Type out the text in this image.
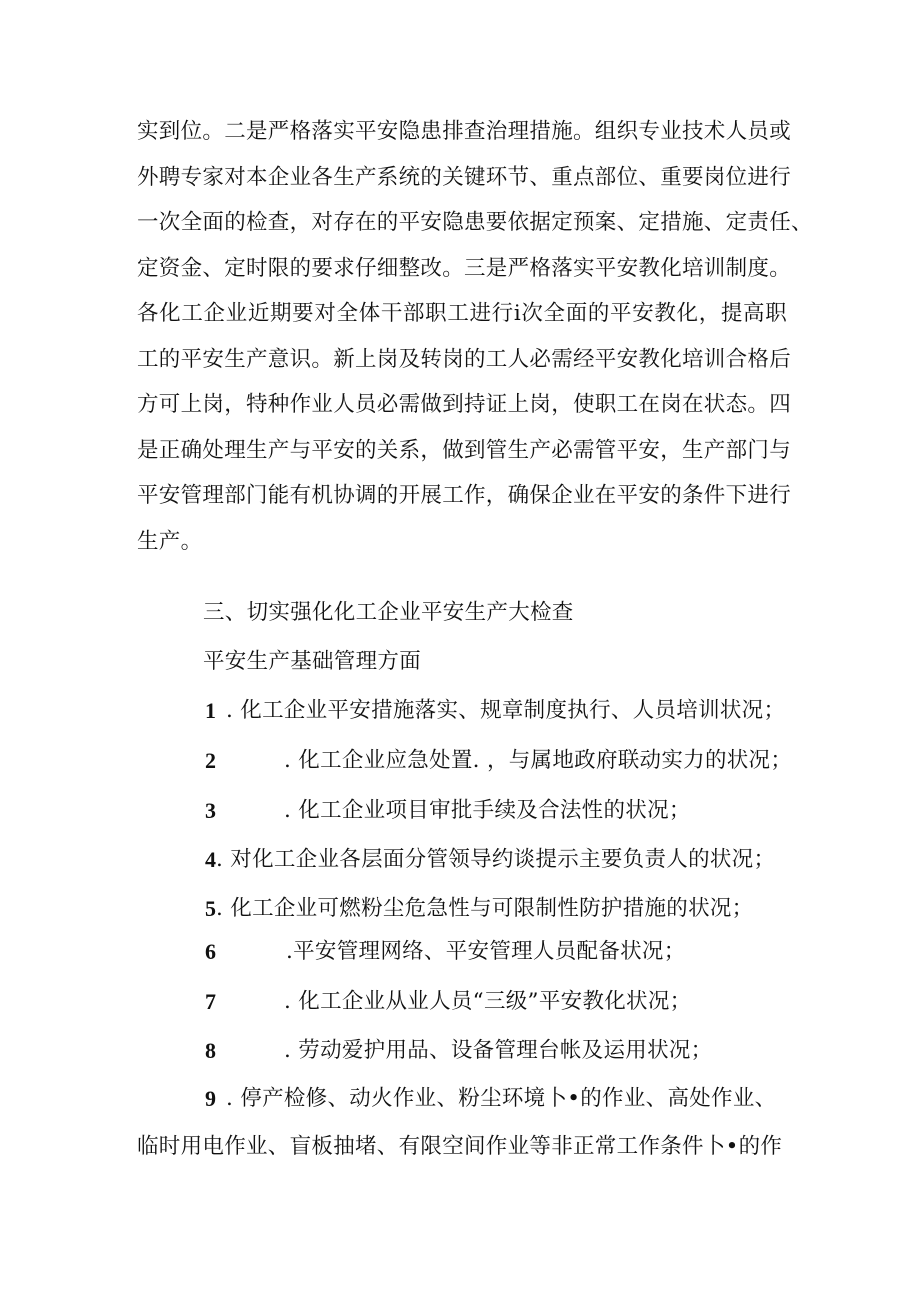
实到位。二是严格落实平安隐患排查治理措施。组织专业技术人员或
外聘专家对本企业各生产系统的关键环节、重点部位、重要岗位进行
一次全面的检查，对存在的平安隐患要依据定预案、定措施、定责任、
定资金、定时限的要求仔细整改。三是严格落实平安教化培训制度。
各化工企业近期要对全体干部职工进行i次全面的平安教化，提高职
工的平安生产意识。新上岗及转岗的工人必需经平安教化培训合格后
方可上岗，特种作业人员必需做到持证上岗，使职工在岗在状态。四
是正确处理生产与平安的关系，做到管生产必需管平安，生产部门与
平安管理部门能有机协调的开展工作，确保企业在平安的条件下进行
生产。

三、切实强化化工企业平安生产大检查

平安生产基础管理方面

1 . 化工企业平安措施落实、规章制度执行、人员培训状况；
2	. 化工企业应急处置. ，与属地政府联动实力的状况；
3	. 化工企业项目审批手续及合法性的状况；
4 . 对化工企业各层面分管领导约谈提示主要负责人的状况；
5 . 化工企业可燃粉尘危急性与可限制性防护措施的状况；
6	.平安管理网络、平安管理人员配备状况；
7	. 化工企业从业人员“三级”平安教化状况；
8	. 劳动爱护用品、设备管理台帐及运用状况；
9 . 停产检修、动火作业、粉尘环境卜•的作业、高处作业、

临时用电作业、盲板抽堵、有限空间作业等非正常工作条件卜•的作
